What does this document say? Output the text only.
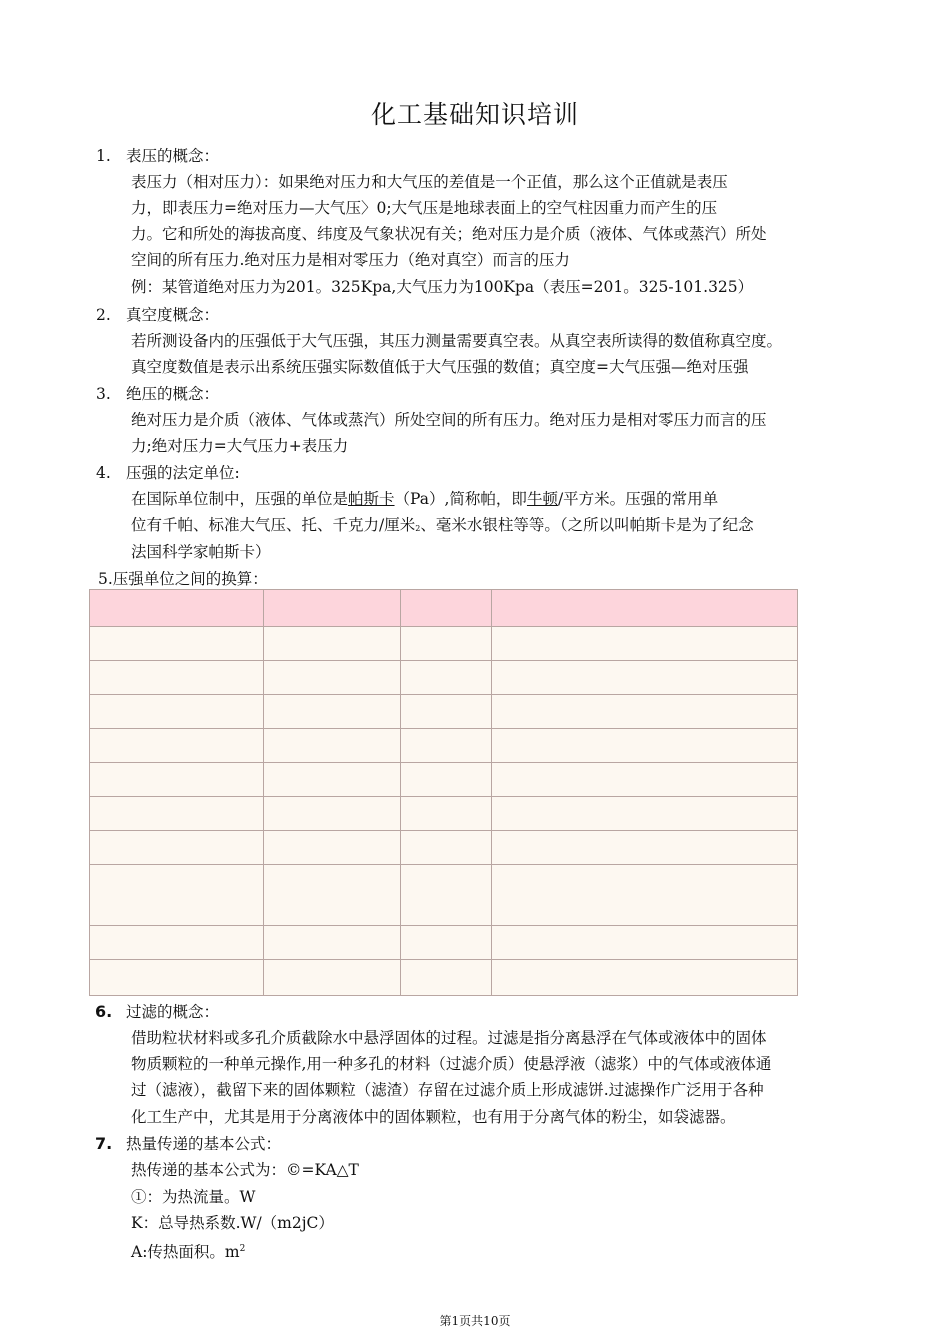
化工基础知识培训
1. 表压的概念：
表压力（相对压力）：如果绝对压力和大气压的差值是一个正值，那么这个正值就是表压
力，即表压力=绝对压力—大气压〉0;大气压是地球表面上的空气柱因重力而产生的压
力。它和所处的海拔高度、纬度及气象状况有关；绝对压力是介质（液体、气体或蒸汽）所处
空间的所有压力.绝对压力是相对零压力（绝对真空）而言的压力
例：某管道绝对压力为201。325Kpa,大气压力为100Kpa（表压=201。325-101.325）
2. 真空度概念：
若所测设备内的压强低于大气压强，其压力测量需要真空表。从真空表所读得的数值称真空度。
真空度数值是表示出系统压强实际数值低于大气压强的数值；真空度=大气压强—绝对压强
3. 绝压的概念：
绝对压力是介质（液体、气体或蒸汽）所处空间的所有压力。绝对压力是相对零压力而言的压
力;绝对压力=大气压力+表压力
4. 压强的法定单位:
在国际单位制中，压强的单位是帕斯卡（Pa）,简称帕，即牛顿/平方米。压强的常用单
位有千帕、标准大气压、托、千克力/厘米2、毫米水银柱等等。（之所以叫帕斯卡是为了纪念
法国科学家帕斯卡）
5.压强单位之间的换算：

6. 过滤的概念：
借助粒状材料或多孔介质截除水中悬浮固体的过程。过滤是指分离悬浮在气体或液体中的固体
物质颗粒的一种单元操作,用一种多孔的材料（过滤介质）使悬浮液（滤浆）中的气体或液体通
过（滤液），截留下来的固体颗粒（滤渣）存留在过滤介质上形成滤饼.过滤操作广泛用于各种
化工生产中，尤其是用于分离液体中的固体颗粒，也有用于分离气体的粉尘，如袋滤器。
7. 热量传递的基本公式：
热传递的基本公式为：©=KA△T
①：为热流量。W
K：总导热系数.W/（m2jC）
A:传热面积。$m^2$
第1页共10页
